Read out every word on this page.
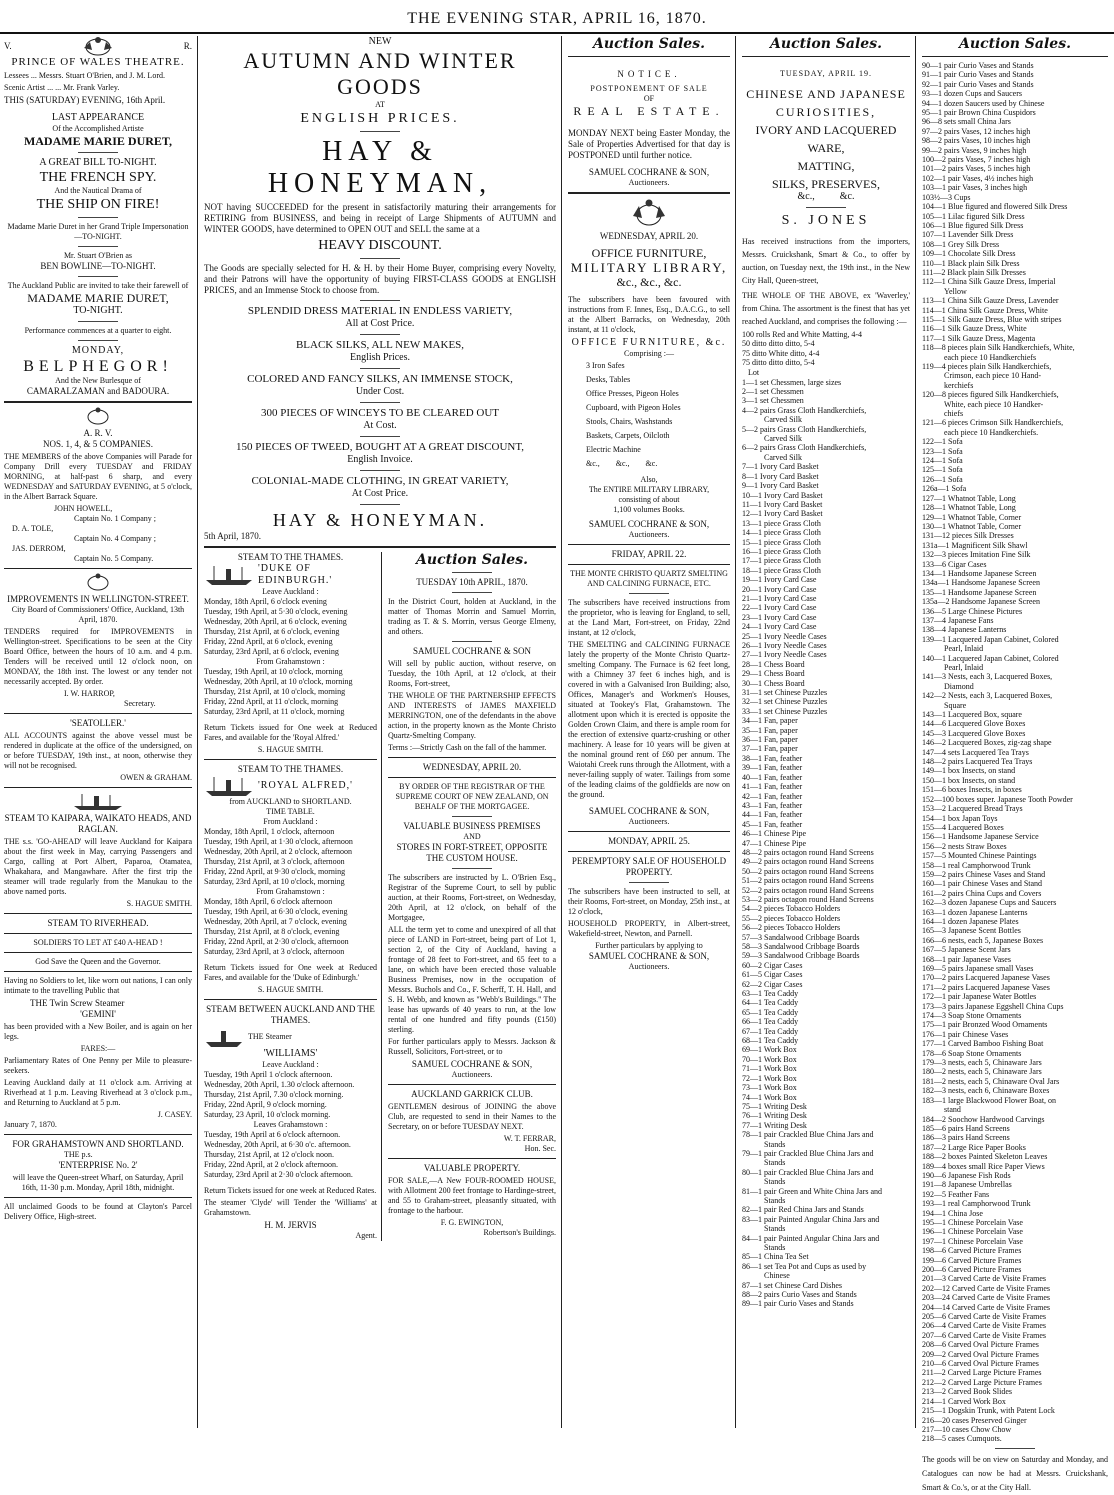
THE EVENING STAR, APRIL 16, 1870.
V.	R.
PRINCE OF WALES THEATRE.

Lessees ... Messrs. Stuart O'Brien, and J. M. Lord.

Scenic Artist ... ... Mr. Frank Varley.

THIS (SATURDAY) EVENING, 16th April.

LAST APPEARANCE
Of the Accomplished Artiste
MADAME MARIE DURET,
A GREAT BILL TO-NIGHT.
THE FRENCH SPY.
And the Nautical Drama of
THE SHIP ON FIRE!
Madame Marie Duret in her Grand Triple Impersonation—TO-NIGHT.
Mr. Stuart O'Brien as
BEN BOWLINE—TO-NIGHT.
The Auckland Public are invited to take their farewell of
MADAME MARIE DURET,
TO-NIGHT.
Performance commences at a quarter to eight.
MONDAY,
BELPHEGOR!
And the New Burlesque of
CAMARALZAMAN and BADOURA.
A. R. V.
NOS. 1, 4, & 5 COMPANIES.

THE MEMBERS of the above Companies will Parade for Company Drill every TUESDAY and FRIDAY MORNING, at half-past 6 sharp, and every WEDNESDAY and SATURDAY EVENING, at 5 o'clock, in the Albert Barrack Square.

JOHN HOWELL,
Captain No. 1 Company ;
D. A. TOLE,
Captain No. 4 Company ;
JAS. DERROM,
Captain No. 5 Company.
IMPROVEMENTS IN WELLINGTON-STREET.
City Board of Commissioners' Office, Auckland, 13th April, 1870.

TENDERS required for IMPROVEMENTS in Wellington-street. Specifications to be seen at the City Board Office, between the hours of 10 a.m. and 4 p.m. Tenders will be received until 12 o'clock noon, on MONDAY, the 18th inst. The lowest or any tender not necessarily accepted. By order.

I. W. HARROP,
Secretary.
'SEATOLLER.'

ALL ACCOUNTS against the above vessel must be rendered in duplicate at the office of the undersigned, on or before TUESDAY, 19th inst., at noon, otherwise they will not be recognised.

OWEN & GRAHAM.
STEAM TO KAIPARA, WAIKATO HEADS, AND RAGLAN.

THE s.s. 'GO-AHEAD' will leave Auckland for Kaipara about the first week in May, carrying Passengers and Cargo, calling at Port Albert, Paparoa, Otamatea, Whakahara, and Mangawhare. After the first trip the steamer will trade regularly from the Manukau to the above named ports.

S. HAGUE SMITH.
STEAM TO RIVERHEAD.
SOLDIERS TO LET AT £40 A-HEAD !
God Save the Queen and the Governor.

Having no Soldiers to let, like worn out nations, I can only intimate to the travelling Public that

THE Twin Screw Steamer
'GEMINI'

has been provided with a New Boiler, and is again on her legs.

FARES:—

Parliamentary Rates of One Penny per Mile to pleasure-seekers.

Leaving Auckland daily at 11 o'clock a.m. Arriving at Riverhead at 1 p.m. Leaving Riverhead at 3 o'clock p.m., and Returning to Auckland at 5 p.m.

J. CASEY.
January 7, 1870.
FOR GRAHAMSTOWN AND SHORTLAND.
THE p.s.
'ENTERPRISE No. 2'

will leave the Queen-street Wharf, on Saturday, April 16th, 11-30 p.m. Monday, April 18th, midnight.

All unclaimed Goods to be found at Clayton's Parcel Delivery Office, High-street.

NEW
AUTUMN AND WINTER GOODS
AT
ENGLISH PRICES.
HAY & HONEYMAN,

NOT having SUCCEEDED for the present in satisfactorily maturing their arrangements for RETIRING from BUSINESS, and being in receipt of Large Shipments of AUTUMN and WINTER GOODS, have determined to OPEN OUT and SELL the same at a

HEAVY DISCOUNT.

The Goods are specially selected for H. & H. by their Home Buyer, comprising every Novelty, and their Patrons will have the opportunity of buying FIRST-CLASS GOODS at ENGLISH PRICES, and an Immense Stock to choose from.

SPLENDID DRESS MATERIAL IN ENDLESS VARIETY,
All at Cost Price.
BLACK SILKS, ALL NEW MAKES,
English Prices.
COLORED AND FANCY SILKS, AN IMMENSE STOCK,
Under Cost.
300 PIECES OF WINCEYS TO BE CLEARED OUT
At Cost.
150 PIECES OF TWEED, BOUGHT AT A GREAT DISCOUNT,
English Invoice.
COLONIAL-MADE CLOTHING, IN GREAT VARIETY,
At Cost Price.
HAY & HONEYMAN.
5th April, 1870.
STEAM TO THE THAMES.
'DUKE OF EDINBURGH.'
Leave Auckland :
Monday, 18th April, 6 o'clock evening
Tuesday, 19th April, at 5·30 o'clock, evening
Wednesday, 20th April, at 6 o'clock, evening
Thursday, 21st April, at 6 o'clock, evening
Friday, 22nd April, at 6 o'clock, evening
Saturday, 23rd April, at 6 o'clock, evening
From Grahamstown :
Tuesday, 19th April, at 10 o'clock, morning
Wednesday, 20th April, at 10 o'clock, morning
Thursday, 21st April, at 10 o'clock, morning
Friday, 22nd April, at 11 o'clock, morning
Saturday, 23rd April, at 11 o'clock, morning

Return Tickets issued for One week at Reduced Fares, and available for the 'Royal Alfred.'

S. HAGUE SMITH.
STEAM TO THE THAMES.
'ROYAL ALFRED,'
from AUCKLAND to SHORTLAND.
TIME TABLE.
From Auckland :
Monday, 18th April, 1 o'clock, afternoon
Tuesday, 19th April, at 1·30 o'clock, afternoon
Wednesday, 20th April, at 2 o'clock, afternoon
Thursday, 21st April, at 3 o'clock, afternoon
Friday, 22nd April, at 9·30 o'clock, morning
Saturday, 23rd April, at 10 o'clock, morning
From Grahamstown :
Monday, 18th April, 6 o'clock afternoon
Tuesday, 19th April, at 6·30 o'clock, evening
Wednesday, 20th April, at 7 o'clock, evening
Thursday, 21st April, at 8 o'clock, evening
Friday, 22nd April, at 2·30 o'clock, afternoon
Saturday, 23rd April, at 3 o'clock, afternoon

Return Tickets issued for One week at Reduced Fares, and available for the 'Duke of Edinburgh.'

S. HAGUE SMITH.
STEAM BETWEEN AUCKLAND AND THE THAMES.
THE Steamer
'WILLIAMS'
Leave Auckland :
Tuesday, 19th April 1 o'clock afternoon.
Wednesday, 20th April, 1.30 o'clock afternoon.
Thursday, 21st April, 7.30 o'clock morning.
Friday, 22nd April, 9 o'clock morning.
Saturday, 23 April, 10 o'clock morning.
Leaves Grahamstown :
Tuesday, 19th April at 6 o'clock afternoon.
Wednesday, 20th April, at 6·30 o'c. afternoon.
Thursday, 21st April, at 12 o'clock noon.
Friday, 22nd April, at 2 o'clock afternoon.
Saturday, 23rd April at 2·30 o'clock afternoon.

Return Tickets issued for one week at Reduced Rates.

The steamer 'Clyde' will Tender the 'Williams' at Grahamstown.

H. M. JERVIS
Agent.
Auction Sales.
TUESDAY 10th APRIL, 1870.

In the District Court, holden at Auckland, in the matter of Thomas Morrin and Samuel Morrin, trading as T. & S. Morrin, versus George Elmeny, and others.

SAMUEL COCHRANE & SON

Will sell by public auction, without reserve, on Tuesday, the 10th April, at 12 o'clock, at their Rooms, Fort-street,

THE WHOLE OF THE PARTNERSHIP EFFECTS AND INTERESTS of JAMES MAXFIELD MERRINGTON, one of the defendants in the above action, in the property known as the Monte Christo Quartz-Smelting Company.

Terms :—Strictly Cash on the fall of the hammer.

WEDNESDAY, APRIL 20.
BY ORDER OF THE REGISTRAR OF THE SUPREME COURT OF NEW ZEALAND, ON BEHALF OF THE MORTGAGEE.
VALUABLE BUSINESS PREMISES
AND
STORES IN FORT-STREET, OPPOSITE THE CUSTOM HOUSE.

The subscribers are instructed by L. O'Brien Esq., Registrar of the Supreme Court, to sell by public auction, at their Rooms, Fort-street, on Wednesday, 20th April, at 12 o'clock, on behalf of the Mortgagee,

ALL the term yet to come and unexpired of all that piece of LAND in Fort-street, being part of Lot 1, section 2, of the City of Auckland, having a frontage of 28 feet to Fort-street, and 65 feet to a lane, on which have been erected those valuable Business Premises, now in the occupation of Messrs. Buchols and Co., F. Scherff, T. H. Hall, and S. H. Webb, and known as "Webb's Buildings." The lease has upwards of 40 years to run, at the low rental of one hundred and fifty pounds (£150) sterling.

For further particulars apply to Messrs. Jackson & Russell, Solicitors, Fort-street, or to

SAMUEL COCHRANE & SON,
Auctioneers.
AUCKLAND GARRICK CLUB.

GENTLEMEN desirous of JOINING the above Club, are requested to send in their Names to the Secretary, on or before TUESDAY NEXT.

W. T. FERRAR,
Hon. Sec.
VALUABLE PROPERTY.

FOR SALE,—A New FOUR-ROOMED HOUSE, with Allotment 200 feet frontage to Hardinge-street, and 55 to Graham-street, pleasantly situated, with frontage to the harbour.

F. G. EWINGTON,
Robertson's Buildings.
Auction Sales.
NOTICE.
POSTPONEMENT OF SALE
OF
REAL ESTATE.

MONDAY NEXT being Easter Monday, the Sale of Properties Advertised for that day is POSTPONED until further notice.

SAMUEL COCHRANE & SON,
Auctioneers.
WEDNESDAY, APRIL 20.
OFFICE FURNITURE,
MILITARY LIBRARY,
&c., &c., &c.

The subscribers have been favoured with instructions from F. Innes, Esq., D.A.C.G., to sell at the Albert Barracks, on Wednesday, 20th instant, at 11 o'clock,

OFFICE FURNITURE, &c.
Comprising :—
3 Iron Safes
Desks, Tables
Office Presses, Pigeon Holes
Cupboard, with Pigeon Holes
Stools, Chairs, Washstands
Baskets, Carpets, Oilcloth
Electric Machine
&c.,        &c.,        &c.
Also,
The ENTIRE MILITARY LIBRARY,
consisting of about
1,100 volumes Books.
SAMUEL COCHRANE & SON,
Auctioneers.
FRIDAY, APRIL 22.
THE MONTE CHRISTO QUARTZ SMELTING AND CALCINING FURNACE, ETC.

The subscribers have received instructions from the proprietor, who is leaving for England, to sell, at the Land Mart, Fort-street, on Friday, 22nd instant, at 12 o'clock,

THE SMELTING and CALCINING FURNACE lately the property of the Monte Christo Quartz-smelting Company. The Furnace is 62 feet long, with a Chimney 37 feet 6 inches high, and is covered in with a Galvanised Iron Building; also, Offices, Manager's and Workmen's Houses, situated at Tookey's Flat, Grahamstown. The allotment upon which it is erected is opposite the Golden Crown Claim, and there is ample room for the erection of extensive quartz-crushing or other machinery. A lease for 10 years will be given at the nominal ground rent of £60 per annum. The Waiotahi Creek runs through the Allotment, with a never-failing supply of water. Tailings from some of the leading claims of the goldfields are now on the ground.

SAMUEL COCHRANE & SON,
Auctioneers.
MONDAY, APRIL 25.
PEREMPTORY SALE OF HOUSEHOLD PROPERTY.

The subscribers have been instructed to sell, at their Rooms, Fort-street, on Monday, 25th inst., at 12 o'clock,

HOUSEHOLD PROPERTY, in Albert-street, Wakefield-street, Newton, and Parnell.

Further particulars by applying to
SAMUEL COCHRANE & SON,
Auctioneers.
Auction Sales.
TUESDAY, APRIL 19.
CHINESE AND JAPANESE
CURIOSITIES,
IVORY AND LACQUERED
WARE,
MATTING,
SILKS, PRESERVES,
&c.,          &c.
S. JONES

Has received instructions from the importers, Messrs. Cruickshank, Smart & Co., to offer by auction, on Tuesday next, the 19th inst., in the New City Hall, Queen-street,

THE WHOLE OF THE ABOVE, ex 'Waverley,' from China. The assortment is the finest that has yet reached Auckland, and comprises the following :—

100 rolls Red and White Matting, 4-4
50 ditto ditto ditto, 5-4
75 ditto White ditto, 4-4
75 ditto ditto ditto, 5-4
Lot
1—1 set Chessmen, large sizes
2—1 set Chessmen
3—1 set Chessmen
4—2 pairs Grass Cloth Handkerchiefs,
Carved Silk
5—2 pairs Grass Cloth Handkerchiefs,
Carved Silk
6—2 pairs Grass Cloth Handkerchiefs,
Carved Silk
7—1 Ivory Card Basket
8—1 Ivory Card Basket
9—1 Ivory Card Basket
10—1 Ivory Card Basket
11—1 Ivory Card Basket
12—1 Ivory Card Basket
13—1 piece Grass Cloth
14—1 piece Grass Cloth
15—1 piece Grass Cloth
16—1 piece Grass Cloth
17—1 piece Grass Cloth
18—1 piece Grass Cloth
19—1 Ivory Card Case
20—1 Ivory Card Case
21—1 Ivory Card Case
22—1 Ivory Card Case
23—1 Ivory Card Case
24—1 Ivory Card Case
25—1 Ivory Needle Cases
26—1 Ivory Needle Cases
27—1 Ivory Needle Cases
28—1 Chess Board
29—1 Chess Board
30—1 Chess Board
31—1 set Chinese Puzzles
32—1 set Chinese Puzzles
33—1 set Chinese Puzzles
34—1 Fan, paper
35—1 Fan, paper
36—1 Fan, paper
37—1 Fan, paper
38—1 Fan, feather
39—1 Fan, feather
40—1 Fan, feather
41—1 Fan, feather
42—1 Fan, feather
43—1 Fan, feather
44—1 Fan, feather
45—1 Fan, feather
46—1 Chinese Pipe
47—1 Chinese Pipe
48—2 pairs octagon round Hand Screens
49—2 pairs octagon round Hand Screens
50—2 pairs octagon round Hand Screens
51—2 pairs octagon round Hand Screens
52—2 pairs octagon round Hand Screens
53—2 pairs octagon round Hand Screens
54—2 pieces Tobacco Holders
55—2 pieces Tobacco Holders
56—2 pieces Tobacco Holders
57—3 Sandalwood Cribbage Boards
58—3 Sandalwood Cribbage Boards
59—3 Sandalwood Cribbage Boards
60—2 Cigar Cases
61—5 Cigar Cases
62—2 Cigar Cases
63—1 Tea Caddy
64—1 Tea Caddy
65—1 Tea Caddy
66—1 Tea Caddy
67—1 Tea Caddy
68—1 Tea Caddy
69—1 Work Box
70—1 Work Box
71—1 Work Box
72—1 Work Box
73—1 Work Box
74—1 Work Box
75—1 Writing Desk
76—1 Writing Desk
77—1 Writing Desk
78—1 pair Crackled Blue China Jars and
Stands
79—1 pair Crackled Blue China Jars and
Stands
80—1 pair Crackled Blue China Jars and
Stands
81—1 pair Green and White China Jars and
Stands
82—1 pair Red China Jars and Stands
83—1 pair Painted Angular China Jars and
Stands
84—1 pair Painted Angular China Jars and
Stands
85—1 China Tea Set
86—1 set Tea Pot and Cups as used by
Chinese
87—1 set Chinese Card Dishes
88—2 pairs Curio Vases and Stands
89—1 pair Curio Vases and Stands
Auction Sales.
90—1 pair Curio Vases and Stands
91—1 pair Curio Vases and Stands
92—1 pair Curio Vases and Stands
93—1 dozen Cups and Saucers
94—1 dozen Saucers used by Chinese
95—1 pair Brown China Cuspidors
96—8 sets small China Jars
97—2 pairs Vases, 12 inches high
98—2 pairs Vases, 10 inches high
99—2 pairs Vases, 9 inches high
100—2 pairs Vases, 7 inches high
101—2 pairs Vases, 5 inches high
102—1 pair Vases, 4½ inches high
103—1 pair Vases, 3 inches high
103½—3 Cups
104—1 Blue figured and flowered Silk Dress
105—1 Lilac figured Silk Dress
106—1 Blue figured Silk Dress
107—1 Lavender Silk Dress
108—1 Grey Silk Dress
109—1 Chocolate Silk Dress
110—1 Black plain Silk Dress
111—2 Black plain Silk Dresses
112—1 China Silk Gauze Dress, Imperial
Yellow
113—1 China Silk Gauze Dress, Lavender
114—1 China Silk Gauze Dress, White
115—1 Silk Gauze Dress, Blue with stripes
116—1 Silk Gauze Dress, White
117—1 Silk Gauze Dress, Magenta
118—8 pieces plain Silk Handkerchiefs, White,
each piece 10 Handkerchiefs
119—4 pieces plain Silk Handkerchiefs,
Crimson, each piece 10 Hand-
kerchiefs
120—8 pieces figured Silk Handkerchiefs,
White, each piece 10 Handker-
chiefs
121—6 pieces Crimson Silk Handkerchiefs,
each piece 10 Handkerchiefs.
122—1 Sofa
123—1 Sofa
124—1 Sofa
125—1 Sofa
126—1 Sofa
126a—1 Sofa
127—1 Whatnot Table, Long
128—1 Whatnot Table, Long
129—1 Whatnot Table, Corner
130—1 Whatnot Table, Corner
131—12 pieces Silk Dresses
131a—1 Magnificent Silk Shawl
132—3 pieces Imitation Fine Silk
133—6 Cigar Cases
134—1 Handsome Japanese Screen
134a—1 Handsome Japanese Screen
135—1 Handsome Japanese Screen
135a—2 Handsome Japanese Screen
136—5 Large Chinese Pictures
137—4 Japanese Fans
138—4 Japanese Lanterns
139—1 Lacquered Japan Cabinet, Colored
Pearl, Inlaid
140—1 Lacquered Japan Cabinet, Colored
Pearl, Inlaid
141—3 Nests, each 3, Lacquered Boxes,
Diamond
142—2 Nests, each 3, Lacquered Boxes,
Square
143—1 Lacquered Box, square
144—6 Lacquered Glove Boxes
145—3 Lacquered Glove Boxes
146—2 Lacquered Boxes, zig-zag shape
147—4 sets Lacquered Tea Trays
148—2 pairs Lacquered Tea Trays
149—1 box Insects, on stand
150—1 box Insects, on stand
151—6 boxes Insects, in boxes
152—100 boxes super. Japanese Tooth Powder
153—2 Lacquered Bread Trays
154—1 box Japan Toys
155—4 Lacquered Boxes
156—1 Handsome Japanese Service
156—2 nests Straw Boxes
157—5 Mounted Chinese Paintings
158—1 real Camphorwood Trunk
159—2 pairs Chinese Vases and Stand
160—1 pair Chinese Vases and Stand
161—2 pairs China Cups and Covers
162—3 dozen Japanese Cups and Saucers
163—1 dozen Japanese Lanterns
164—1 dozen Japanese Plates
165—3 Japanese Scent Bottles
166—6 nests, each 5, Japanese Boxes
167—5 Japanese Scent Jars
168—1 pair Japanese Vases
169—5 pairs Japanese small Vases
170—2 pairs Lacquered Japanese Vases
171—2 pairs Lacquered Japanese Vases
172—1 pair Japanese Water Bottles
173—3 pairs Japanese Eggshell China Cups
174—3 Soap Stone Ornaments
175—1 pair Bronzed Wood Ornaments
176—1 pair Chinese Vases
177—1 Carved Bamboo Fishing Boat
178—6 Soap Stone Ornaments
179—3 nests, each 5, Chinaware Jars
180—2 nests, each 5, Chinaware Jars
181—2 nests, each 5, Chinaware Oval Jars
182—3 nests, each 6, Chinaware Boxes
183—1 large Blackwood Flower Boat, on
stand
184—2 Soochow Hardwood Carvings
185—6 pairs Hand Screens
186—3 pairs Hand Screens
187—2 Large Rice Paper Books
188—2 boxes Painted Skeleton Leaves
189—4 boxes small Rice Paper Views
190—6 Japanese Fish Rods
191—8 Japanese Umbrellas
192—5 Feather Fans
193—1 real Camphorwood Trunk
194—1 China Jose
195—1 Chinese Porcelain Vase
196—1 Chinese Porcelain Vase
197—1 Chinese Porcelain Vase
198—6 Carved Picture Frames
199—6 Carved Picture Frames
200—6 Carved Picture Frames
201—3 Carved Carte de Visite Frames
202—12 Carved Carte de Visite Frames
203—24 Carved Carte de Visite Frames
204—14 Carved Carte de Visite Frames
205—6 Carved Carte de Visite Frames
206—4 Carved Carte de Visite Frames
207—6 Carved Carte de Visite Frames
208—6 Carved Oval Picture Frames
209—2 Carved Oval Picture Frames
210—6 Carved Oval Picture Frames
211—2 Carved Large Picture Frames
212—2 Carved Large Picture Frames
213—2 Carved Book Slides
214—1 Carved Work Box
215—1 Dogskin Trunk, with Patent Lock
216—20 cases Preserved Ginger
217—10 cases Chow Chow
218—5 cases Cumquots.

The goods will be on view on Saturday and Monday, and Catalogues can now be had at Messrs. Cruickshank, Smart & Co.'s, or at the City Hall.
